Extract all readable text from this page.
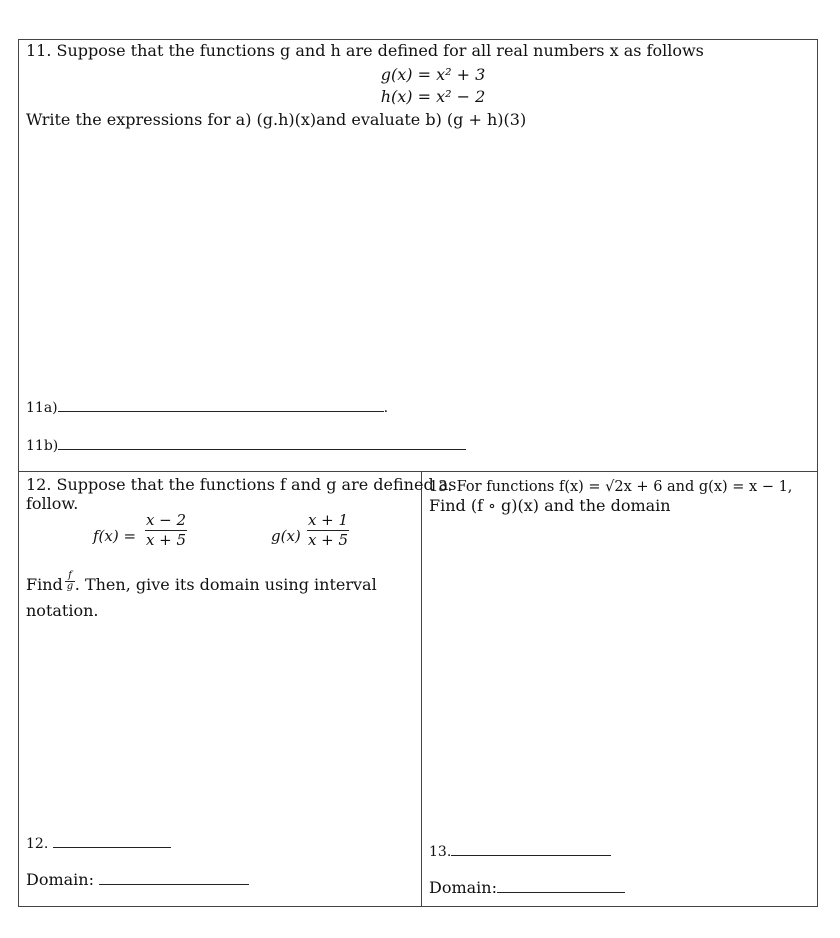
11. Suppose that the functions g and h are defined for all real numbers x as follows
g(x) = x² + 3
h(x) = x² − 2
Write the expressions for a) (g.h)(x)and evaluate b) (g + h)(3)
11a)	.
11b)
12. Suppose that the functions f and g are defined as
follow.
f(x) =
x − 2
x + 5	g(x)
x + 1
x + 5
Find . Then, give its domain using interval
f
g
notation.
12.
Domain:
13. For functions f(x) = √2x + 6 and g(x) = x − 1,
Find (f ∘ g)(x) and the domain
13.
Domain:
